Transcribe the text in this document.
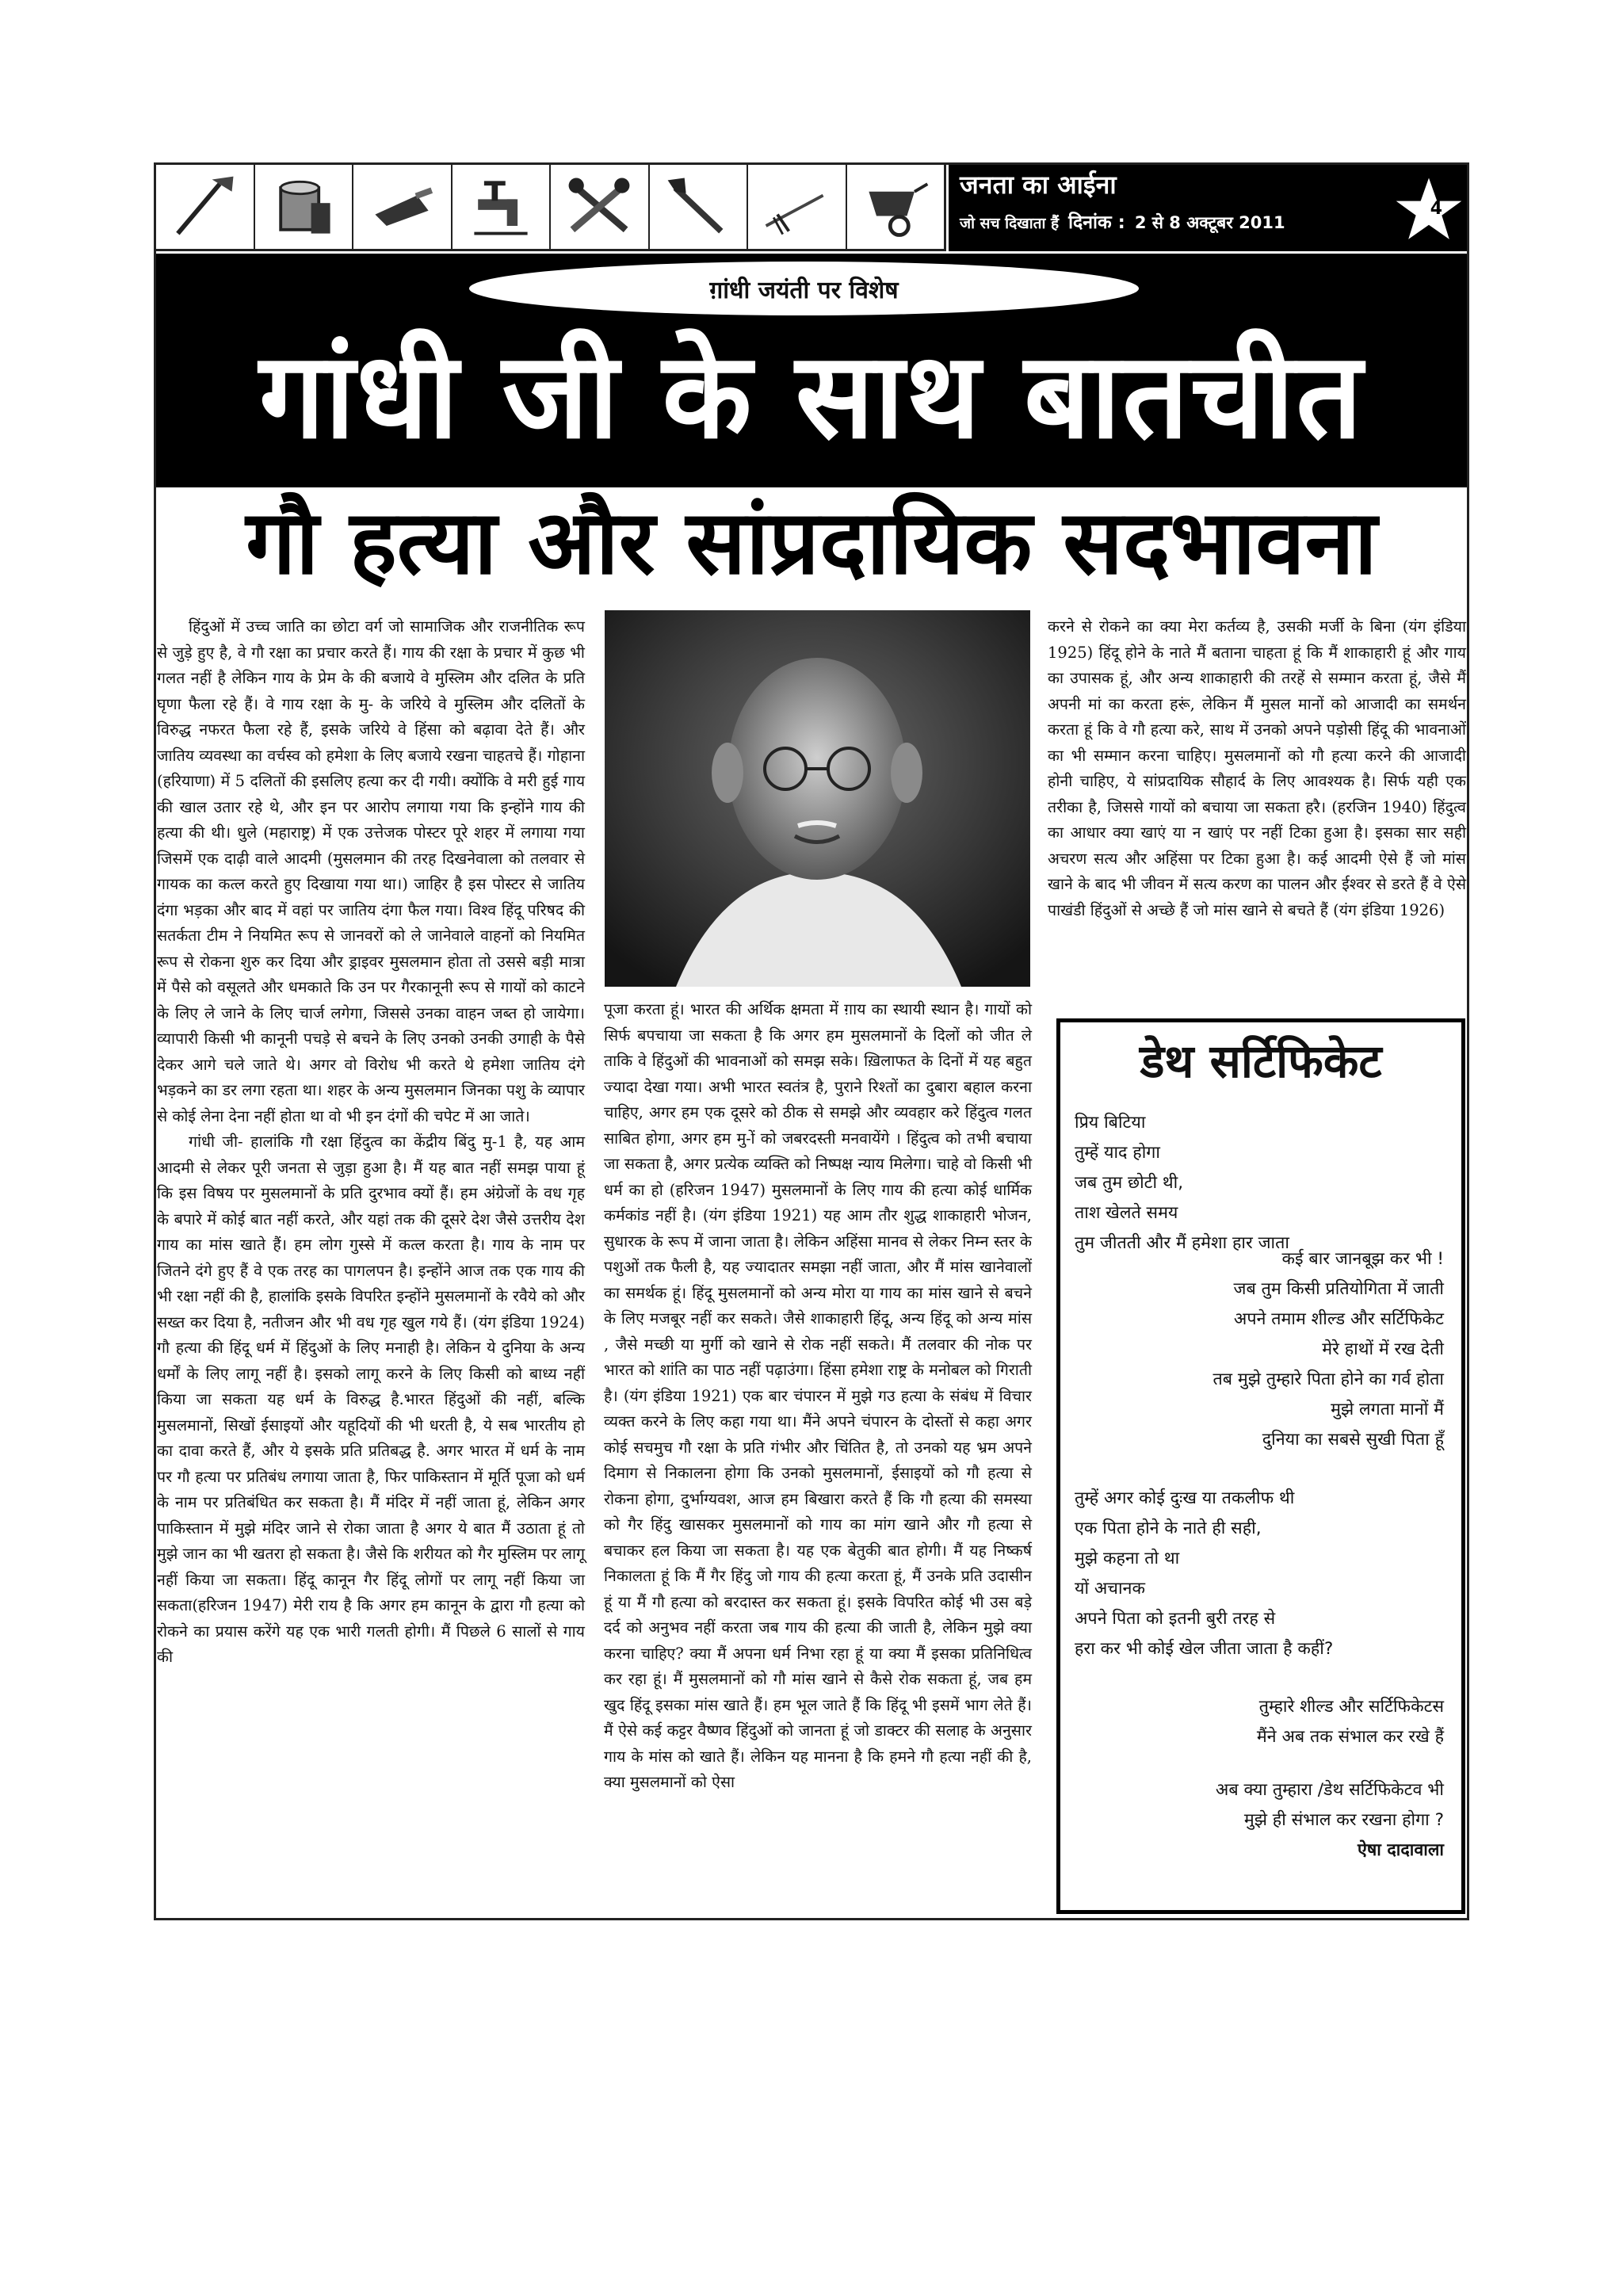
जनता का आईना
जो सच दिखाता हैं दिनांक : 2 से 8 अक्टूबर 2011
4
ग़ांधी जयंती पर विशेष
गांधी जी के साथ बातचीत
गौ हत्या और सांप्रदायिक सदभावना

हिंदुओं में उच्च जाति का छोटा वर्ग जो सामाजिक और राजनीतिक रूप से जुड़े हुए है, वे गौ रक्षा का प्रचार करते हैं। गाय की रक्षा के प्रचार में कुछ भी गलत नहीं है लेकिन गाय के प्रेम के की बजाये वे मुस्लिम और दलित के प्रति घृणा फैला रहे हैं। वे गाय रक्षा के मु- के जरिये वे मुस्लिम और दलितों के विरुद्ध नफरत फैला रहे हैं, इसके जरिये वे हिंसा को बढ़ावा देते हैं। और जातिय व्यवस्था का वर्चस्व को हमेशा के लिए बजाये रखना चाहतचे हैं। गोहाना (हरियाणा) में 5 दलितों की इसलिए हत्या कर दी गयी। क्योंकि वे मरी हुई गाय की खाल उतार रहे थे, और इन पर आरोप लगाया गया कि इन्होंने गाय की हत्या की थी। धुले (महाराष्ट्र) में एक उत्तेजक पोस्टर पूरे शहर में लगाया गया जिसमें एक दाढ़ी वाले आदमी (मुसलमान की तरह दिखनेवाला को तलवार से गायक का कत्ल करते हुए दिखाया गया था।) जाहिर है इस पोस्टर से जातिय दंगा भड़का और बाद में वहां पर जातिय दंगा फैल गया। विश्व हिंदू परिषद की सतर्कता टीम ने नियमित रूप से जानवरों को ले जानेवाले वाहनों को नियमित रूप से रोकना शुरु कर दिया और ड्राइवर मुसलमान होता तो उससे बड़ी मात्रा में पैसे को वसूलते और धमकाते कि उन पर गैरकानूनी रूप से गायों को काटने के लिए ले जाने के लिए चार्ज लगेगा, जिससे उनका वाहन जब्त हो जायेगा। व्यापारी किसी भी कानूनी पचड़े से बचने के लिए उनको उनकी उगाही के पैसे देकर आगे चले जाते थे। अगर वो विरोध भी करते थे हमेशा जातिय दंगे भड़कने का डर लगा रहता था। शहर के अन्य मुसलमान जिनका पशु के व्यापार से कोई लेना देना नहीं होता था वो भी इन दंगों की चपेट में आ जाते।

गांधी जी- हालांकि गौ रक्षा हिंदुत्व का केंद्रीय बिंदु मु-1 है, यह आम आदमी से लेकर पूरी जनता से जुड़ा हुआ है। मैं यह बात नहीं समझ पाया हूं कि इस विषय पर मुसलमानों के प्रति दुरभाव क्यों हैं। हम अंग्रेजों के वध गृह के बपारे में कोई बात नहीं करते, और यहां तक की दूसरे देश जैसे उत्तरीय देश गाय का मांस खाते हैं। हम लोग गुस्से में कत्ल करता है। गाय के नाम पर जितने दंगे हुए हैं वे एक तरह का पागलपन है। इन्होंने आज तक एक गाय की भी रक्षा नहीं की है, हालांकि इसके विपरित इन्होंने मुसलमानों के रवैये को और सख्त कर दिया है, नतीजन और भी वध गृह खुल गये हैं। (यंग इंडिया 1924) गौ हत्या की हिंदू धर्म में हिंदुओं के लिए मनाही है। लेकिन ये दुनिया के अन्य धर्मों के लिए लागू नहीं है। इसको लागू करने के लिए किसी को बाध्य नहीं किया जा सकता यह धर्म के विरुद्ध है.भारत हिंदुओं की नहीं, बल्कि मुसलमानों, सिखों ईसाइयों और यहूदियों की भी धरती है, ये सब भारतीय हो का दावा करते हैं, और ये इसके प्रति प्रतिबद्ध है. अगर भारत में धर्म के नाम पर गौ हत्या पर प्रतिबंध लगाया जाता है, फिर पाकिस्तान में मूर्ति पूजा को धर्म के नाम पर प्रतिबंधित कर सकता है। मैं मंदिर में नहीं जाता हूं, लेकिन अगर पाकिस्तान में मुझे मंदिर जाने से रोका जाता है अगर ये बात मैं उठाता हूं तो मुझे जान का भी खतरा हो सकता है। जैसे कि शरीयत को गैर मुस्लिम पर लागू नहीं किया जा सकता। हिंदू कानून गैर हिंदू लोगों पर लागू नहीं किया जा सकता(हरिजन 1947) मेरी राय है कि अगर हम कानून के द्वारा गौ हत्या को रोकने का प्रयास करेंगे यह एक भारी गलती होगी। मैं पिछले 6 सालों से गाय की

पूजा करता हूं। भारत की अर्थिक क्षमता में ग़ाय का स्थायी स्थान है। गायों को सिर्फ बपचाया जा सकता है कि अगर हम मुसलमानों के दिलों को जीत ले ताकि वे हिंदुओं की भावनाओं को समझ सके। ख़िलाफत के दिनों में यह बहुत ज्यादा देखा गया। अभी भारत स्वतंत्र है, पुराने रिश्तों का दुबारा बहाल करना चाहिए, अगर हम एक दूसरे को ठीक से समझे और व्यवहार करे हिंदुत्व गलत साबित होगा, अगर हम मु-ों को जबरदस्ती मनवायेंगे । हिंदुत्व को तभी बचाया जा सकता है, अगर प्रत्येक व्यक्ति को निष्पक्ष न्याय मिलेगा। चाहे वो किसी भी धर्म का हो (हरिजन 1947) मुसलमानों के लिए गाय की हत्या कोई धार्मिक कर्मकांड नहीं है। (यंग इंडिया 1921) यह आम तौर शुद्ध शाकाहारी भोजन, सुधारक के रूप में जाना जाता है। लेकिन अहिंसा मानव से लेकर निम्न स्तर के पशुओं तक फैली है, यह ज्यादातर समझा नहीं जाता, और मैं मांस खानेवालों का समर्थक हूं। हिंदू मुसलमानों को अन्य मोरा या गाय का मांस खाने से बचने के लिए मजबूर नहीं कर सकते। जैसे शाकाहारी हिंदू, अन्य हिंदू को अन्य मांस , जैसे मच्छी या मुर्गी को खाने से रोक नहीं सकते। मैं तलवार की नोक पर भारत को शांति का पाठ नहीं पढ़ाउंगा। हिंसा हमेशा राष्ट्र के मनोबल को गिराती है। (यंग इंडिया 1921) एक बार चंपारन में मुझे गउ हत्या के संबंध में विचार व्यक्त करने के लिए कहा गया था। मैंने अपने चंपारन के दोस्तों से कहा अगर कोई सचमुच गौ रक्षा के प्रति गंभीर और चिंतित है, तो उनको यह भ्रम अपने दिमाग से निकालना होगा कि उनको मुसलमानों, ईसाइयों को गौ हत्या से रोकना होगा, दुर्भाग्यवश, आज हम बिखारा करते हैं कि गौ हत्या की समस्या को गैर हिंदु खासकर मुसलमानों को गाय का मांग खाने और गौ हत्या से बचाकर हल किया जा सकता है। यह एक बेतुकी बात होगी। मैं यह निष्कर्ष निकालता हूं कि मैं गैर हिंदु जो गाय की हत्या करता हूं, मैं उनके प्रति उदासीन हूं या मैं गौ हत्या को बरदास्त कर सकता हूं। इसके विपरित कोई भी उस बड़े दर्द को अनुभव नहीं करता जब गाय की हत्या की जाती है, लेकिन मुझे क्या करना चाहिए? क्या मैं अपना धर्म निभा रहा हूं या क्या मैं इसका प्रतिनिधित्व कर रहा हूं। मैं मुसलमानों को गौ मांस खाने से कैसे रोक सकता हूं, जब हम खुद हिंदू इसका मांस खाते हैं। हम भूल जाते हैं कि हिंदू भी इसमें भाग लेते हैं। मैं ऐसे कई कट्टर वैष्णव हिंदुओं को जानता हूं जो डाक्टर की सलाह के अनुसार गाय के मांस को खाते हैं। लेकिन यह मानना है कि हमने गौ हत्या नहीं की है, क्या मुसलमानों को ऐसा

करने से रोकने का क्या मेरा कर्तव्य है, उसकी मर्जी के बिना (यंग इंडिया 1925) हिंदू होने के नाते मैं बताना चाहता हूं कि मैं शाकाहारी हूं और गाय का उपासक हूं, और अन्य शाकाहारी की तरहें से सम्मान करता हूं, जैसे मैं अपनी मां का करता हरूं, लेकिन मैं मुसल मानों को आजादी का समर्थन करता हूं कि वे गौ हत्या करे, साथ में उनको अपने पड़ोसी हिंदू की भावनाओं का भी सम्मान करना चाहिए। मुसलमानों को गौ हत्या करने की आजादी होनी चाहिए, ये सांप्रदायिक सौहार्द के लिए आवश्यक है। सिर्फ यही एक तरीका है, जिससे गायों को बचाया जा सकता हरै। (हरजिन 1940) हिंदुत्व का आधार क्या खाएं या न खाएं पर नहीं टिका हुआ है। इसका सार सही अचरण सत्य और अहिंसा पर टिका हुआ है। कई आदमी ऐसे हैं जो मांस खाने के बाद भी जीवन में सत्य करण का पालन और ईश्वर से डरते हैं वे ऐसे पाखंडी हिंदुओं से अच्छे हैं जो मांस खाने से बचते हैं (यंग इंडिया 1926)

डेथ सर्टिफिकेट
प्रिय बिटिया
तुम्हें याद होगा
जब तुम छोटी थी,
ताश खेलते समय
तुम जीतती और मैं हमेशा हार जाता
कई बार जानबूझ कर भी !
जब तुम किसी प्रतियोगिता में जाती
अपने तमाम शील्ड और सर्टिफिकेट
मेरे हाथों में रख देती
तब मुझे तुम्हारे पिता होने का गर्व होता
मुझे लगता मानों मैं
दुनिया का सबसे सुखी पिता हूँ
तुम्हें अगर कोई दुःख या तकलीफ थी
एक पिता होने के नाते ही सही,
मुझे कहना तो था
यों अचानक
अपने पिता को इतनी बुरी तरह से
हरा कर भी कोई खेल जीता जाता है कहीं?
तुम्हारे शील्ड और सर्टिफिकेटस
मैंने अब तक संभाल कर रखे हैं
अब क्या तुम्हारा /डेथ सर्टिफिकेटव भी
मुझे ही संभाल कर रखना होगा ?
ऐषा दादावाला
